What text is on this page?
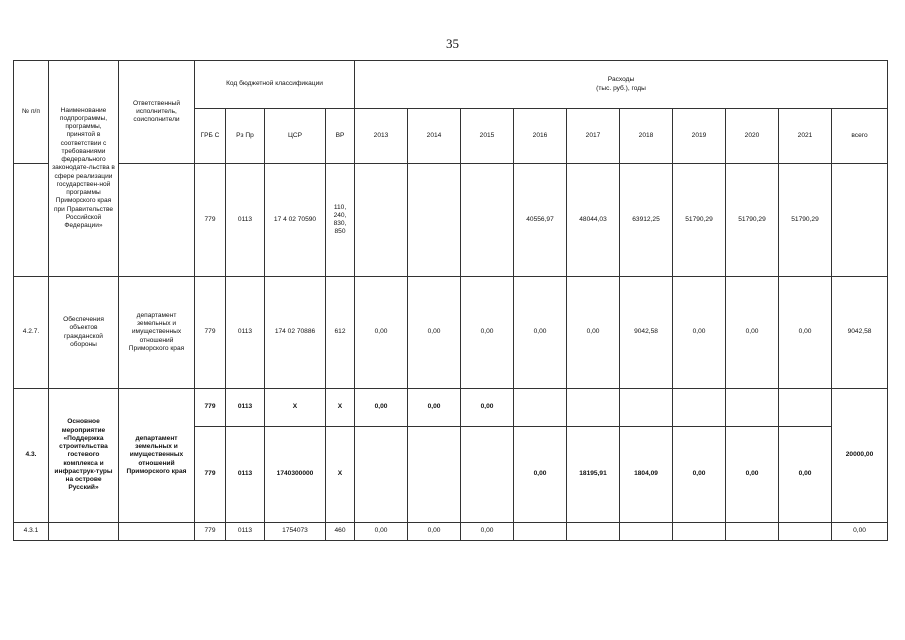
35
№ п/п	Наименование подпрограммы, программы, принятой в соответствии с требованиями федерального законодате-льства в сфере реализации государствен-ной программы Приморского края при Правительстве Российской Федерации»	Ответственный исполнитель, соисполнители	Код бюджетной классификации				Расходы
(тыс. руб.), годы									

			ГРБ С	Рз Пр	ЦСР	ВР	2013	2014	2015	2016	2017	2018	2019	2020	2021	всего
			779	0113	17 4 02 70590	110, 240, 830, 850				40556,97	48044,03	63912,25	51790,29	51790,29	51790,29	
4.2.7.	Обеспечения объектов гражданской обороны	департамент земельных и имущественных отношений Приморского края	779	0113	174 02 70886	612	0,00	0,00	0,00	0,00	0,00	9042,58	0,00	0,00	0,00	9042,58
4.3.	Основное мероприятие «Поддержка строительства гостевого комплекса и инфраструк-туры на острове Русский»	департамент земельных и имущественных отношений Приморского края	779	0113	X	X	0,00	0,00	0,00							20000,00
			779	0113	1740300000	X				0,00	18195,91	1804,09	0,00	0,00	0,00	
4.3.1			779	0113	1754073	460	0,00	0,00	0,00							0,00
